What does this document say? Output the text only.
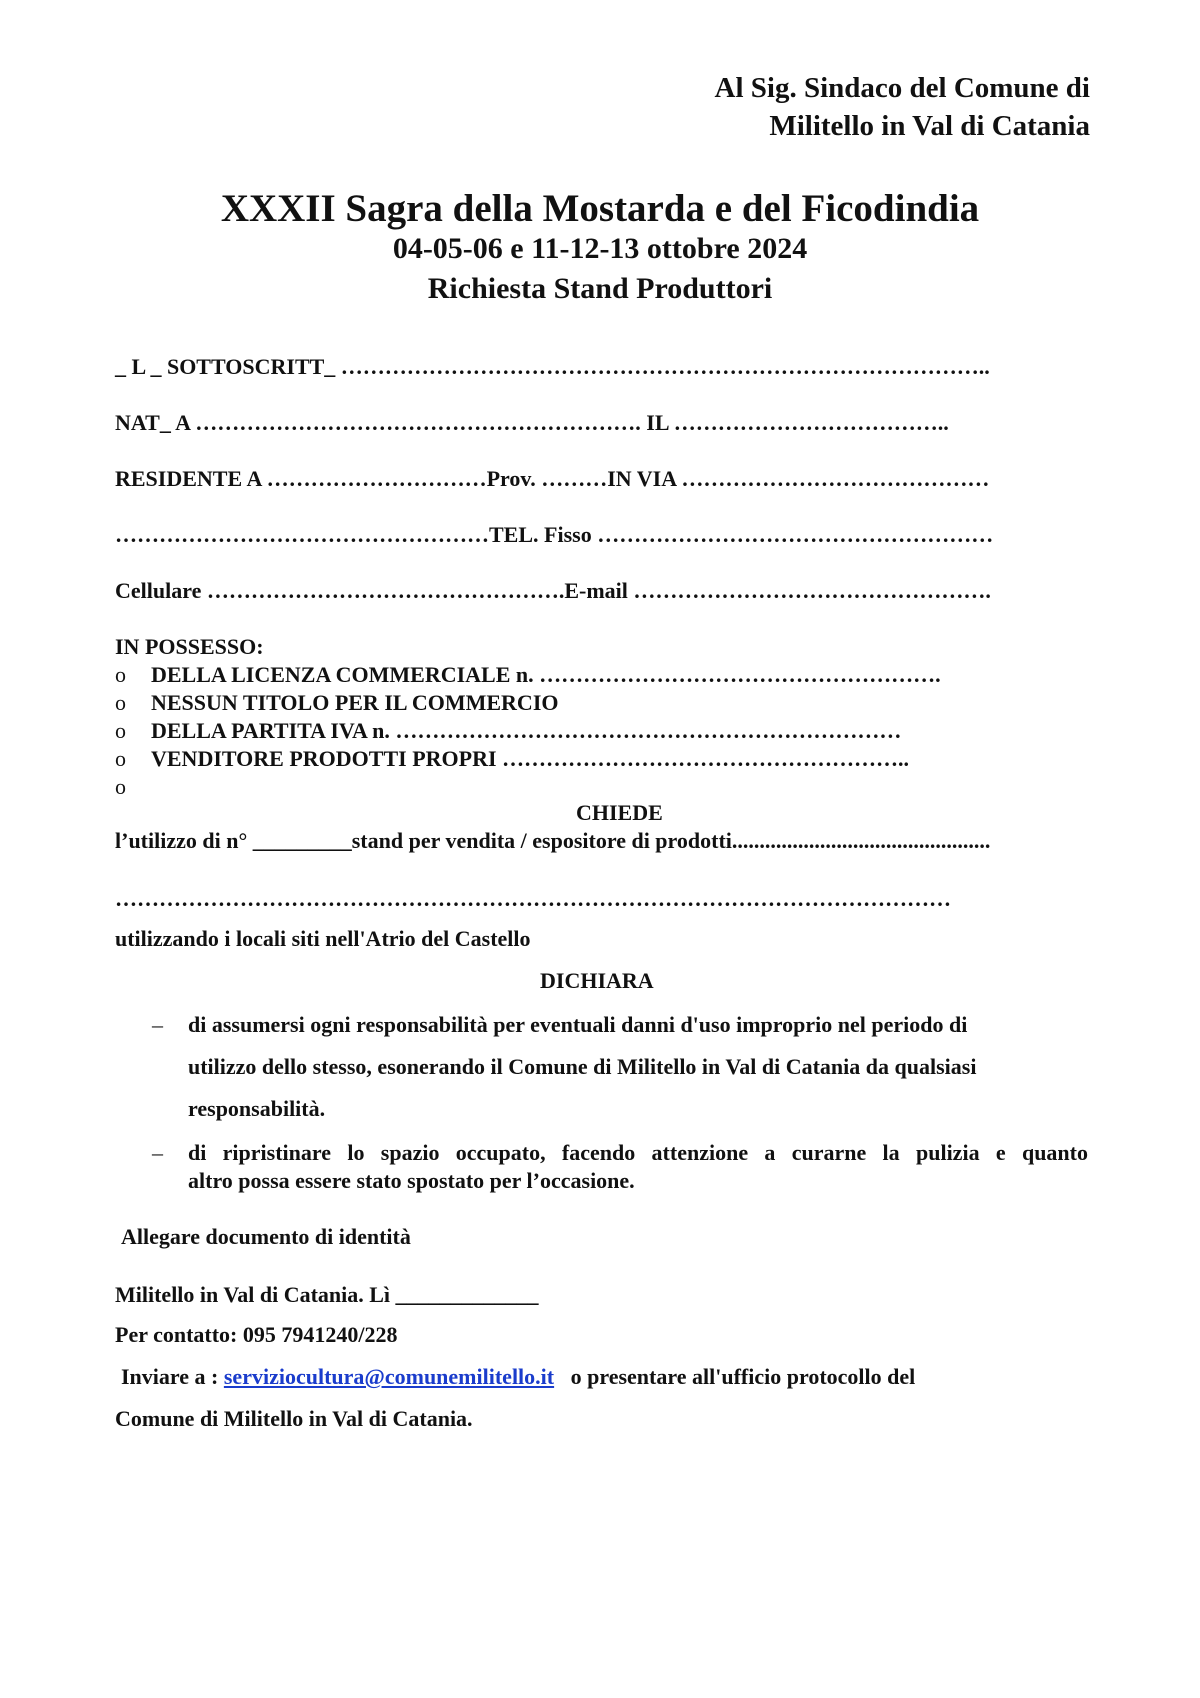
Al Sig. Sindaco del Comune di
Militello in Val di Catania
XXXII Sagra della Mostarda e del Ficodindia
04-05-06 e 11-12-13 ottobre 2024
Richiesta Stand Produttori
_ L _ SOTTOSCRITT_ ……………………………………………………………………………..
NAT_ A ……………………………………………………. IL ………………………………..
RESIDENTE A …………………………Prov. ………IN VIA ……………………………………
……………………………………………TEL. Fisso ………………………………………………
Cellulare ………………………………………….E-mail ………………………………………….
IN POSSESSO:
o DELLA LICENZA COMMERCIALE n. ……………………………………………….
o NESSUN TITOLO PER IL COMMERCIO
o DELLA PARTITA IVA n. ……………………………………………………………
o VENDITORE PRODOTTI PROPRI ………………………………………………..
o
CHIEDE
l’utilizzo di n° _________stand per vendita / espositore di prodotti...............................................
……………………………………………………………………………………………………
utilizzando i locali siti nell'Atrio del Castello
DICHIARA
– di assumersi ogni responsabilità per eventuali danni d'uso improprio nel periodo di
utilizzo dello stesso, esonerando il Comune di Militello in Val di Catania da qualsiasi
responsabilità.
– di ripristinare lo spazio occupato, facendo attenzione a curarne la pulizia e quanto
altro possa essere stato spostato per l’occasione.
Allegare documento di identità
Militello in Val di Catania. Lì _____________
Per contatto: 095 7941240/228
Inviare a : serviziocultura@comunemilitello.it o presentare all'ufficio protocollo del
Comune di Militello in Val di Catania.
